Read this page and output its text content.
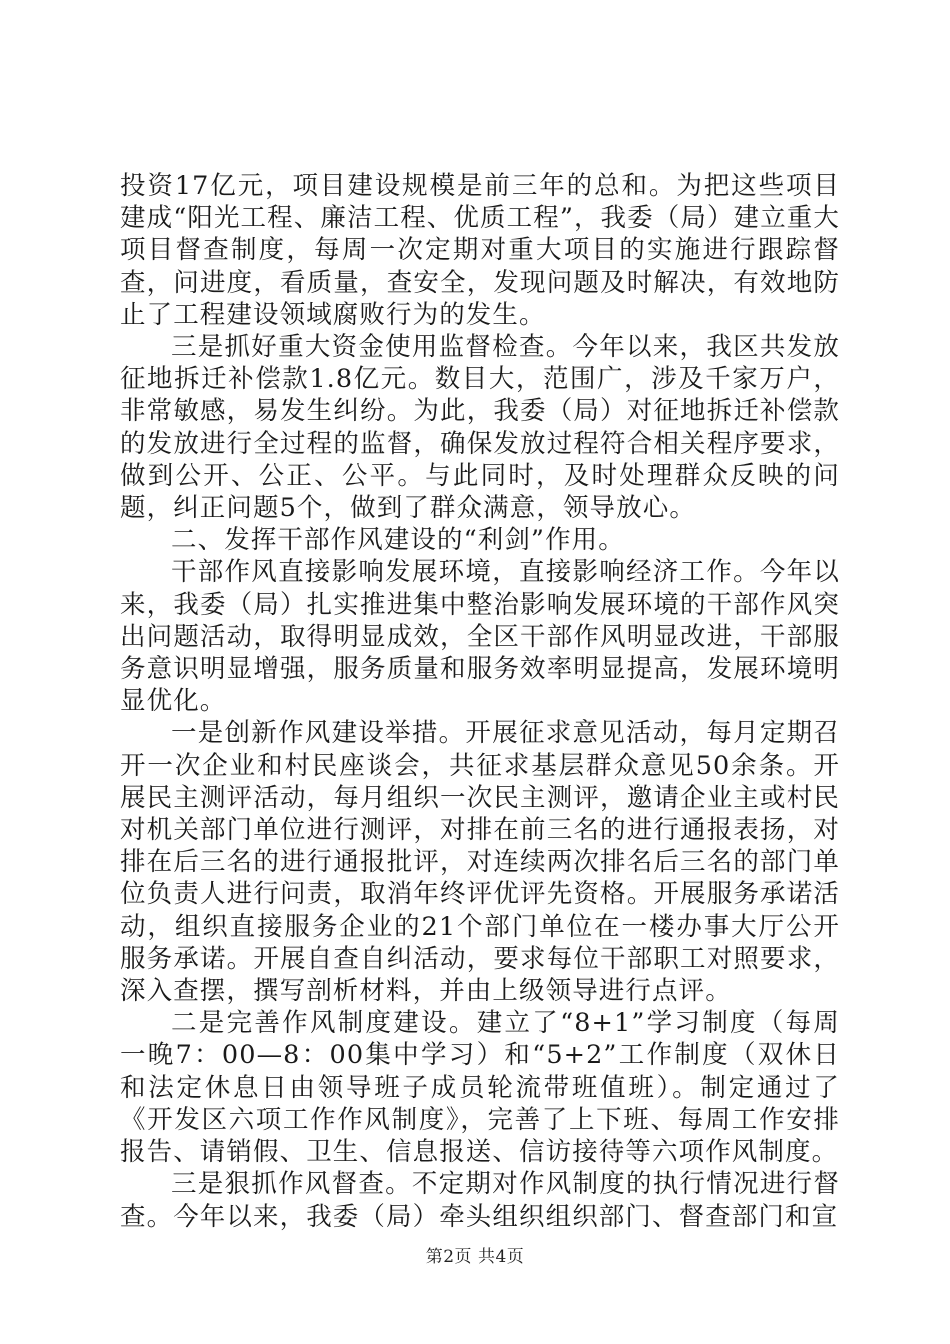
投资17亿元，项目建设规模是前三年的总和。为把这些项目建成“阳光工程、廉洁工程、优质工程”，我委（局）建立重大项目督查制度，每周一次定期对重大项目的实施进行跟踪督查，问进度，看质量，查安全，发现问题及时解决，有效地防止了工程建设领域腐败行为的发生。

三是抓好重大资金使用监督检查。今年以来，我区共发放征地拆迁补偿款1.8亿元。数目大，范围广，涉及千家万户，非常敏感，易发生纠纷。为此，我委（局）对征地拆迁补偿款的发放进行全过程的监督，确保发放过程符合相关程序要求，做到公开、公正、公平。与此同时，及时处理群众反映的问题，纠正问题5个，做到了群众满意，领导放心。

二、发挥干部作风建设的“利剑”作用。

干部作风直接影响发展环境，直接影响经济工作。今年以来，我委（局）扎实推进集中整治影响发展环境的干部作风突出问题活动，取得明显成效，全区干部作风明显改进，干部服务意识明显增强，服务质量和服务效率明显提高，发展环境明显优化。

一是创新作风建设举措。开展征求意见活动，每月定期召开一次企业和村民座谈会，共征求基层群众意见50余条。开展民主测评活动，每月组织一次民主测评，邀请企业主或村民对机关部门单位进行测评，对排在前三名的进行通报表扬，对排在后三名的进行通报批评，对连续两次排名后三名的部门单位负责人进行问责，取消年终评优评先资格。开展服务承诺活动，组织直接服务企业的21个部门单位在一楼办事大厅公开服务承诺。开展自查自纠活动，要求每位干部职工对照要求，深入查摆，撰写剖析材料，并由上级领导进行点评。

二是完善作风制度建设。建立了“8+1”学习制度（每周一晚7：00—8：00集中学习）和“5+2”工作制度（双休日和法定休息日由领导班子成员轮流带班值班）。制定通过了《开发区六项工作作风制度》，完善了上下班、每周工作安排报告、请销假、卫生、信息报送、信访接待等六项作风制度。

三是狠抓作风督查。不定期对作风制度的执行情况进行督查。今年以来，我委（局）牵头组织组织部门、督查部门和宣

第2页 共4页
